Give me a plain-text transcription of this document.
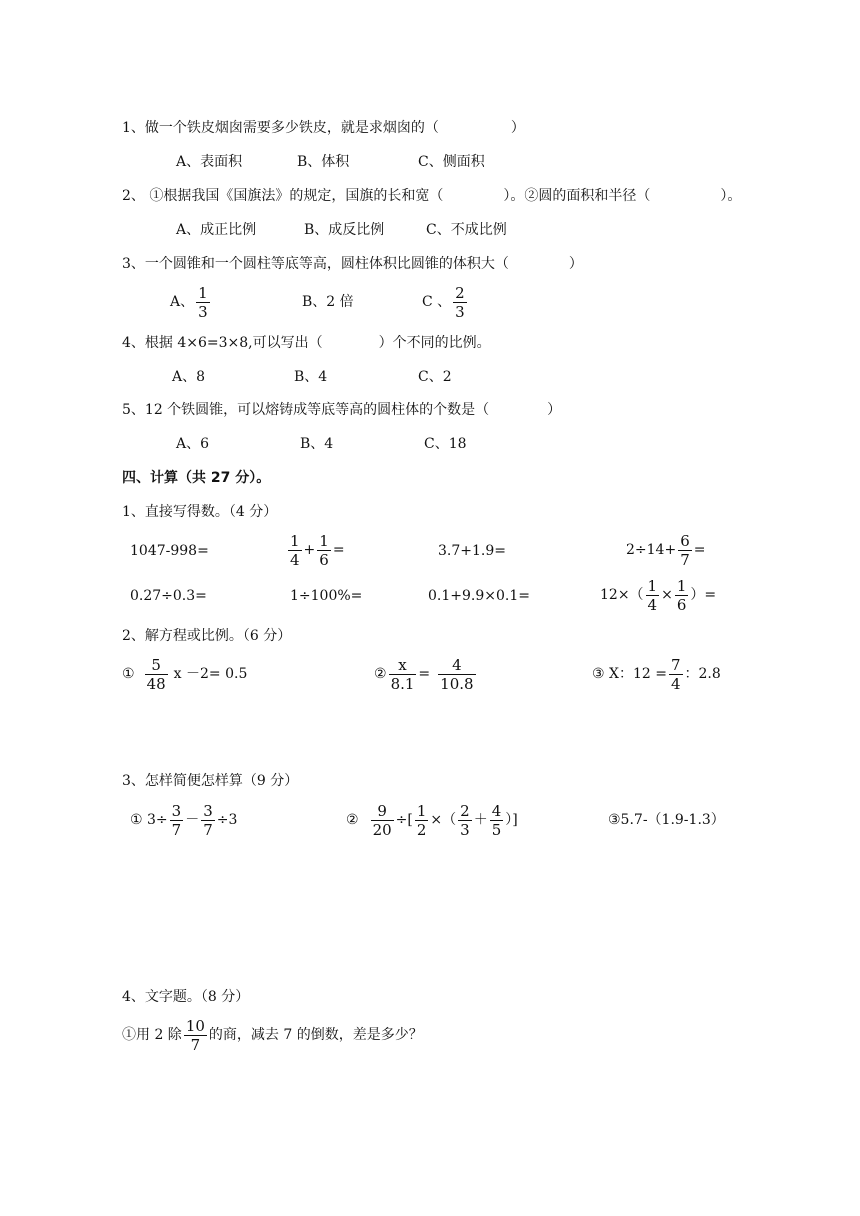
1、做一个铁皮烟囱需要多少铁皮，就是求烟囱的（	）
A、表面积	B、体积	C、侧面积
2、 ①根据我国《国旗法》的规定，国旗的长和宽（	）。②圆的面积和半径（	）。
A、成正比例	B、成反比例	C、不成比例
3、一个圆锥和一个圆柱等底等高，圆柱体积比圆锥的体积大（	）
A、 $\frac{1}{3}$	B、2 倍	C 、 $\frac{2}{3}$
4、根据 4×6=3×8,可以写出（	）个不同的比例。
A、8	B、4	C、2
5、12 个铁圆锥，可以熔铸成等底等高的圆柱体的个数是（	）
A、6	B、4	C、18
四、计算（共 27 分）。
1、直接写得数。（4 分）
1047-998=	$\frac{1}{4} + \frac{1}{6}$ =	3.7+1.9=	$2\div 14+ \frac{6}{7}$ =
0.27÷0.3=	1÷100%=	0.1+9.9×0.1=	$12\times( \frac{1}{4} \times \frac{1}{6}$ ）=
2、解方程或比例。（6 分）
① $\frac{5}{48}$ x －2= 0.5	② $\frac{x}{8.1} = \frac{4}{10.8}$	③ X：$12 = \frac{7}{4}$ ：2.8
3、怎样简便怎样算（9 分）
① $3\div \frac{3}{7} - \frac{3}{7} \div 3$	② $\frac{9}{20}$ ÷[ $\frac{1}{2}$ ×（ $\frac{2}{3} + \frac{4}{5}$ ）]	③5.7-（1.9-1.3）
4、文字题。（8 分）
①用 2 除 $\frac{10}{7}$ 的商，减去 7 的倒数，差是多少？
